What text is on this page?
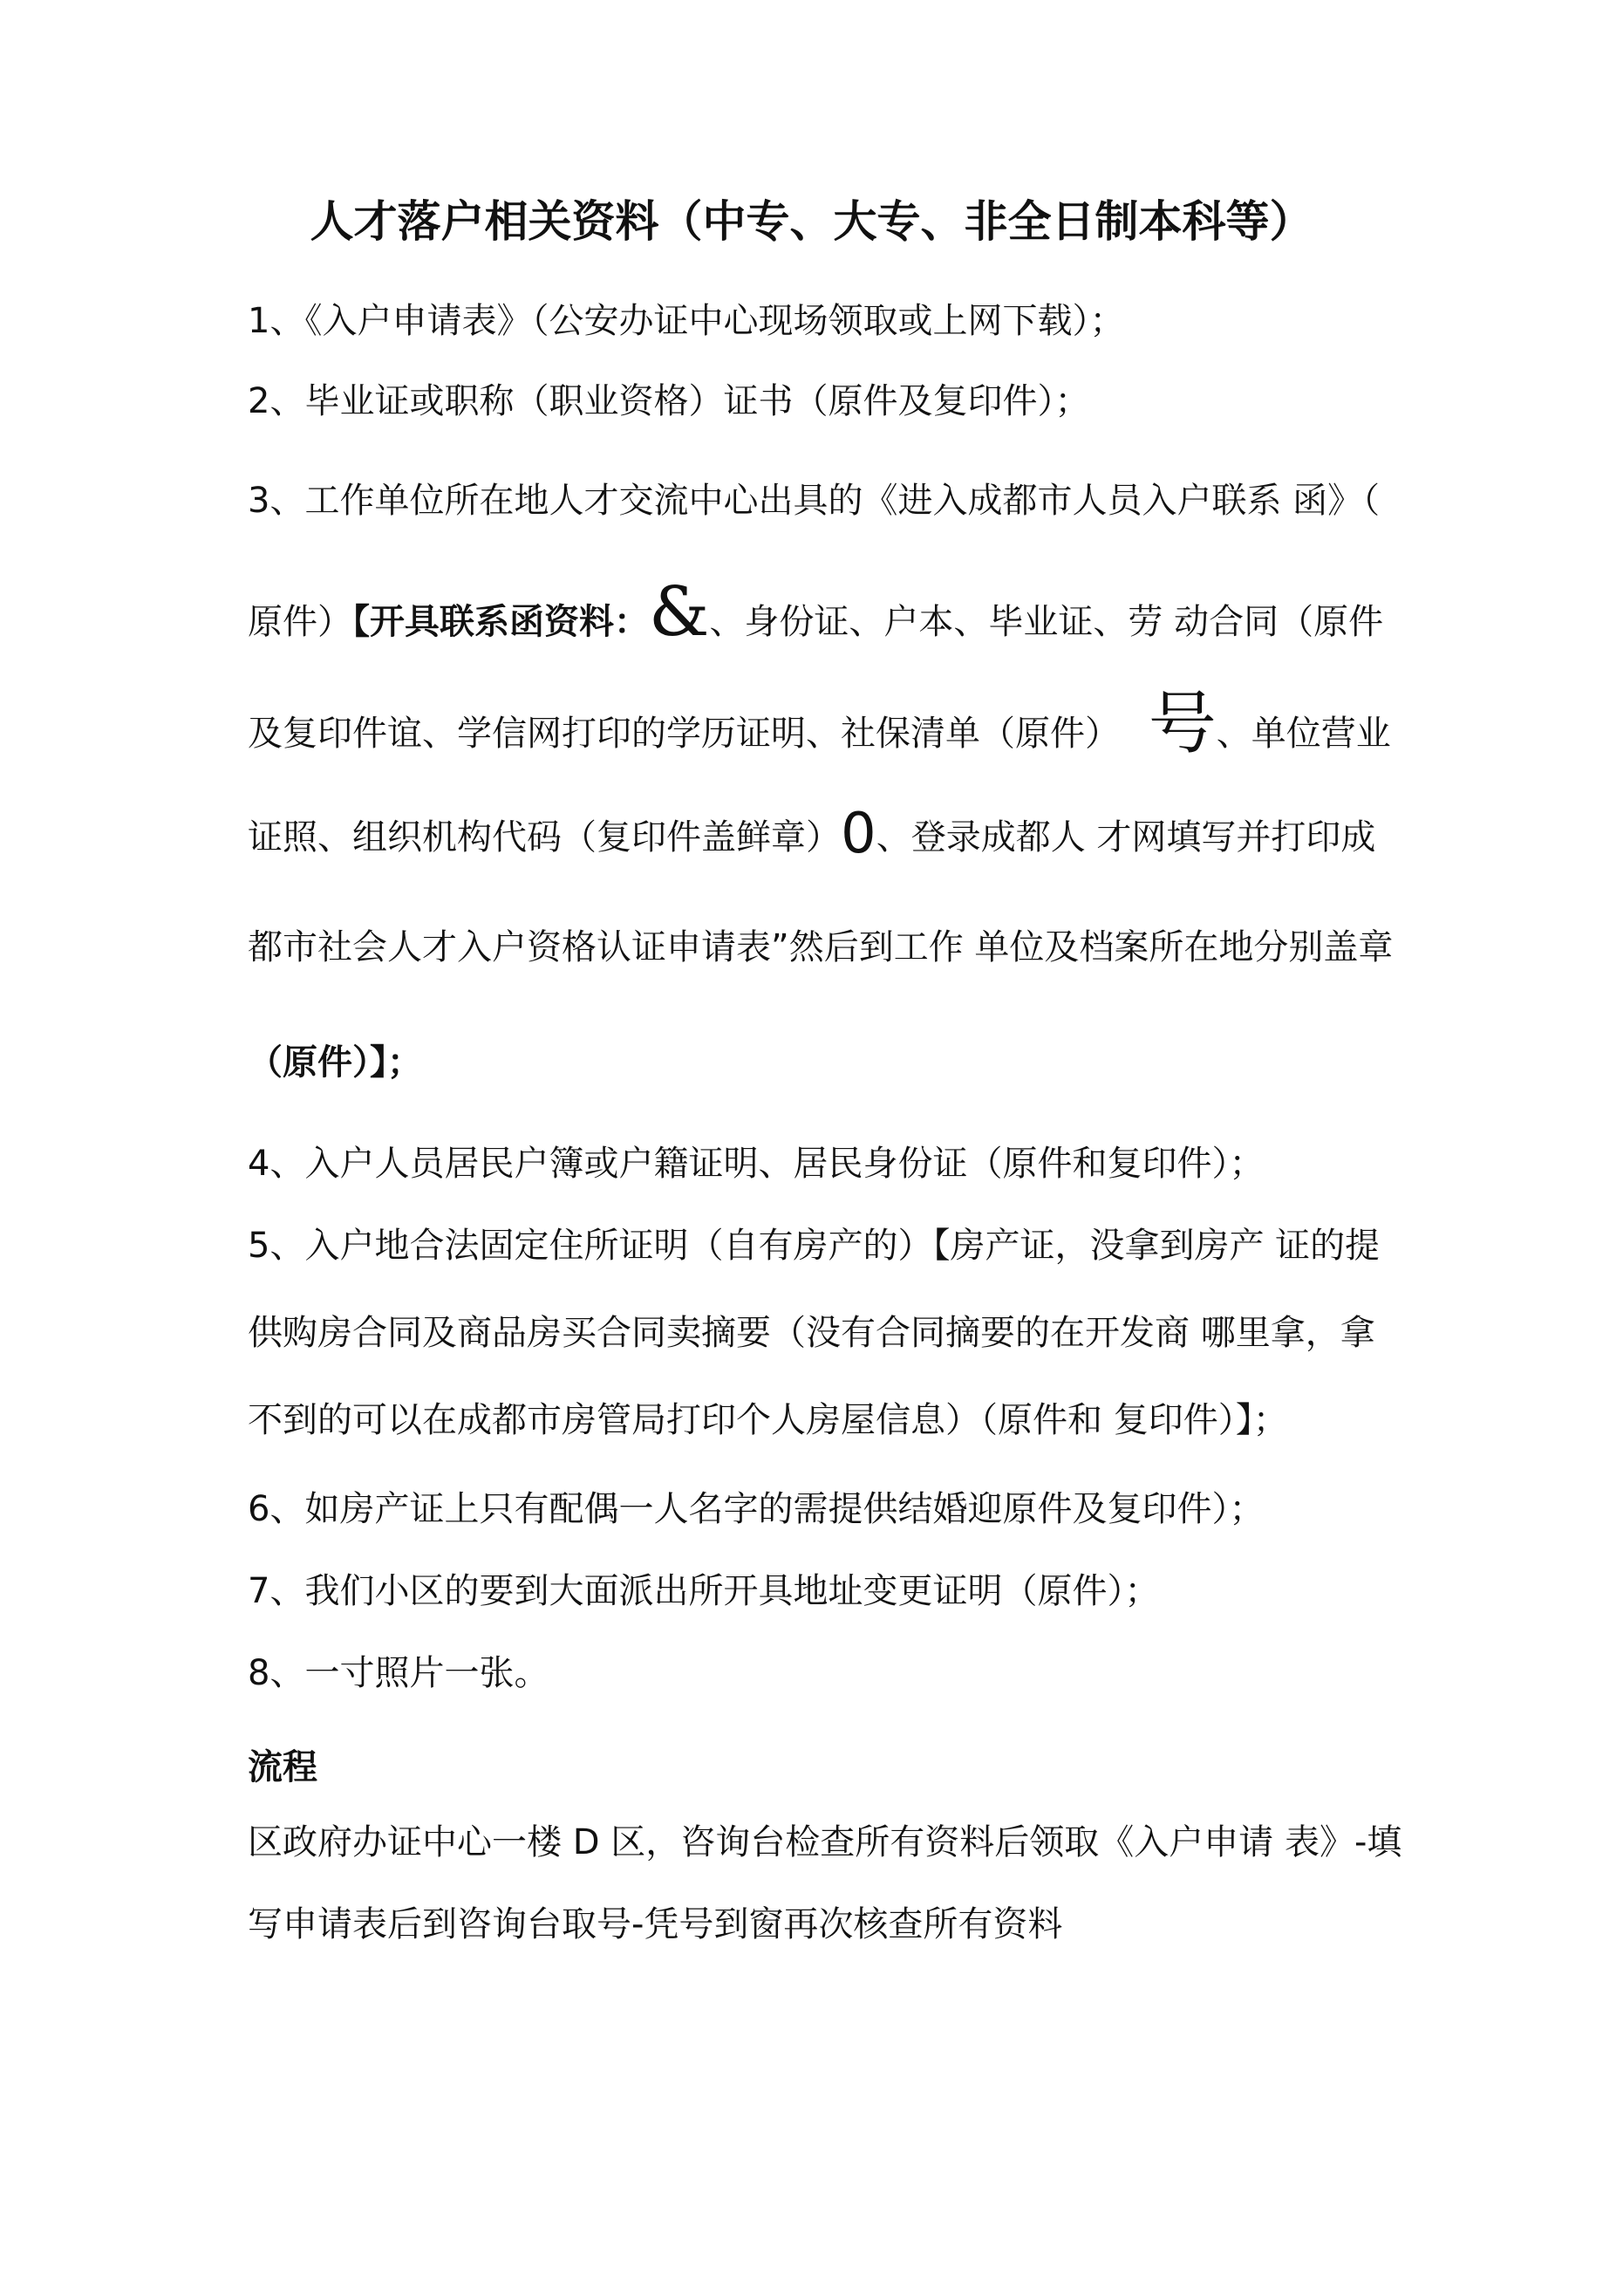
人才落户相关资料（中专、大专、非全日制本科等）
1、《入户申请表》（公安办证中心现场领取或上网下载）；
2、毕业证或职称（职业资格）证书（原件及复印件）；
3、工作单位所在地人才交流中心出具的《进入成都市人员入户联系 函》（
原件）【开具联系函资料：&、身份证、户本、毕业证、劳 动合同（原件
及复印件谊、学信网打印的学历证明、社保清单（原件） 号、单位营业
证照、组织机构代码（复印件盖鲜章）0、登录成都人 才网填写并打印成
都市社会人才入户资格认证申请表”然后到工作 单位及档案所在地分别盖章
（原件）】；
4、入户人员居民户簿或户籍证明、居民身份证（原件和复印件）；
5、入户地合法固定住所证明（自有房产的）【房产证，没拿到房产 证的提
供购房合同及商品房买合同卖摘要（没有合同摘要的在开发商 哪里拿，拿
不到的可以在成都市房管局打印个人房屋信息）（原件和 复印件）】；
6、如房产证上只有配偶一人名字的需提供结婚迎原件及复印件）；
7、我们小区的要到大面派出所开具地址变更证明（原件）；
8、一寸照片一张。
流程
区政府办证中心一楼 D 区，咨询台检查所有资料后领取《入户申请 表》-填
写申请表后到咨询台取号-凭号到窗再次核查所有资料
